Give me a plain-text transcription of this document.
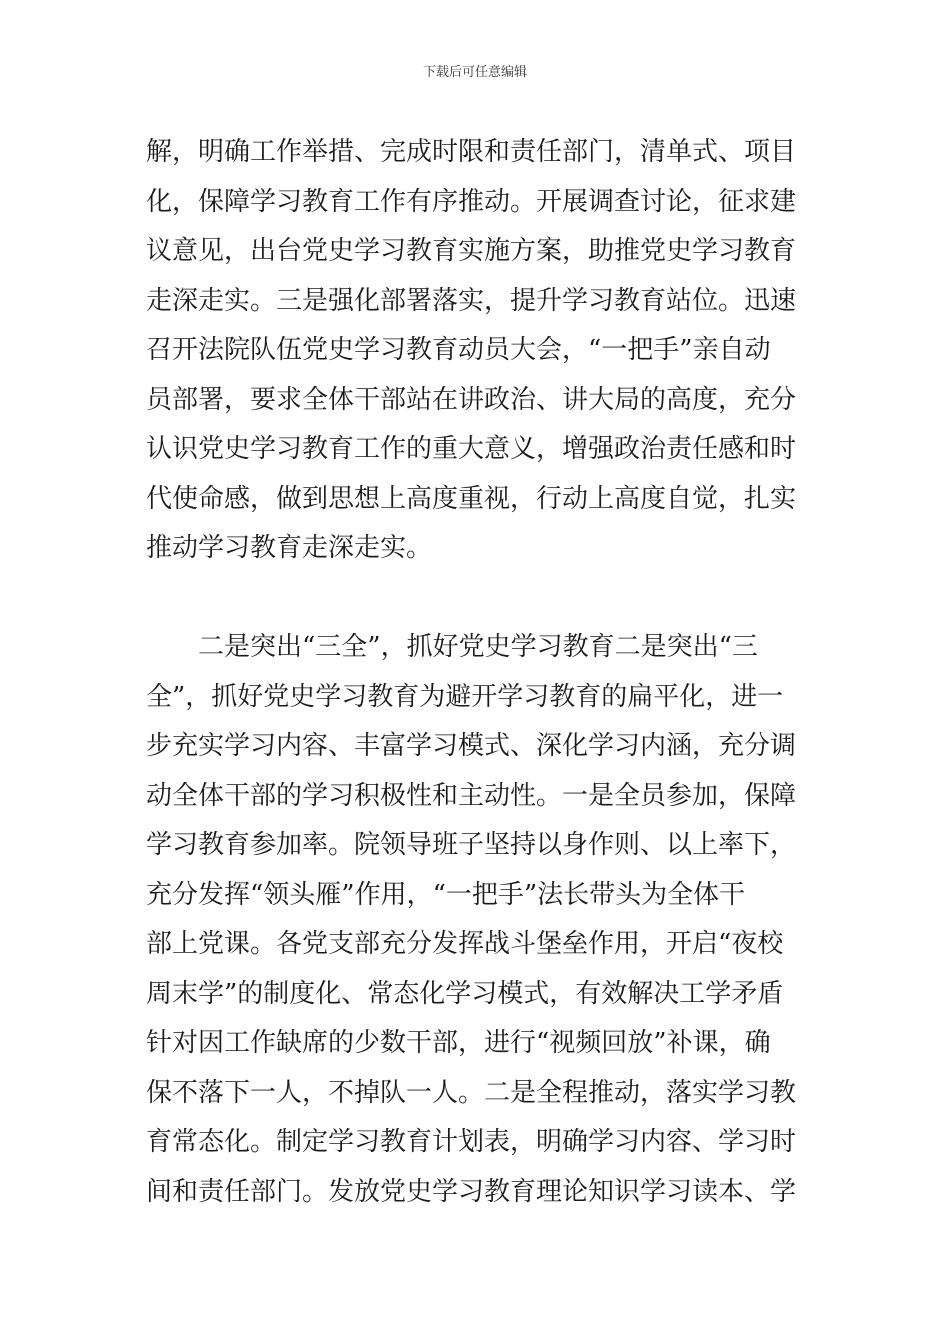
下载后可任意编辑
解，明确工作举措、完成时限和责任部门，清单式、项目
化，保障学习教育工作有序推动。开展调查讨论，征求建
议意见，出台党史学习教育实施方案，助推党史学习教育
走深走实。三是强化部署落实，提升学习教育站位。迅速
召开法院队伍党史学习教育动员大会，“一把手”亲自动
员部署，要求全体干部站在讲政治、讲大局的高度，充分
认识党史学习教育工作的重大意义，增强政治责任感和时
代使命感，做到思想上高度重视，行动上高度自觉，扎实
推动学习教育走深走实。
二是突出“三全”，抓好党史学习教育二是突出“三
全”，抓好党史学习教育为避开学习教育的扁平化，进一
步充实学习内容、丰富学习模式、深化学习内涵，充分调
动全体干部的学习积极性和主动性。一是全员参加，保障
学习教育参加率。院领导班子坚持以身作则、以上率下，
充分发挥“领头雁”作用，“一把手”法长带头为全体干
部上党课。各党支部充分发挥战斗堡垒作用，开启“夜校
周末学”的制度化、常态化学习模式，有效解决工学矛盾
针对因工作缺席的少数干部，进行“视频回放”补课，确
保不落下一人，不掉队一人。二是全程推动，落实学习教
育常态化。制定学习教育计划表，明确学习内容、学习时
间和责任部门。发放党史学习教育理论知识学习读本、学
